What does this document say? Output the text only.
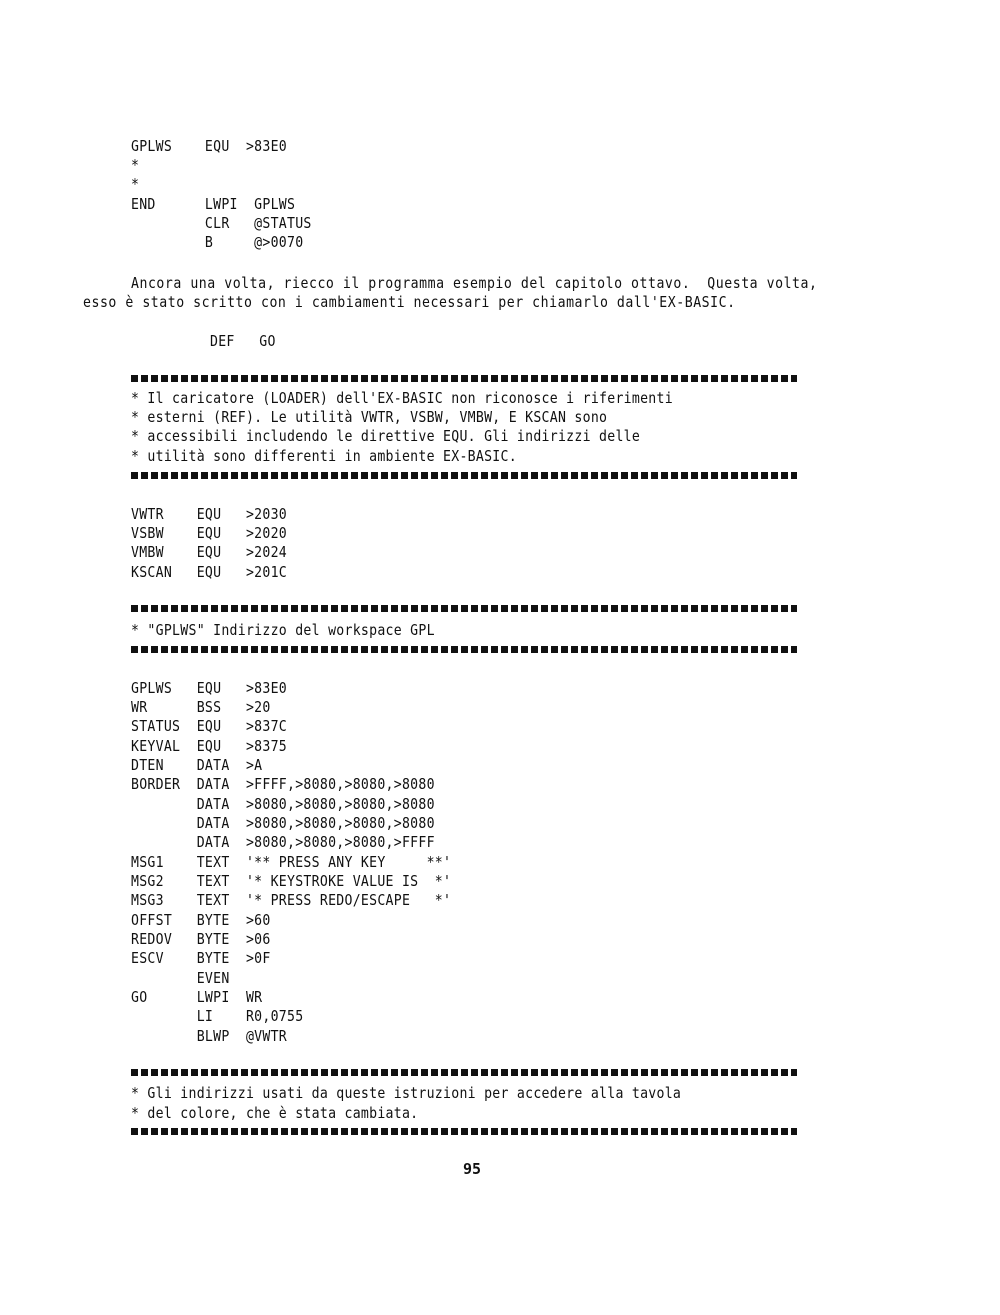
GPLWS    EQU  >83E0
*
*
END      LWPI  GPLWS
CLR   @STATUS
B     @>0070
Ancora una volta, riecco il programma esempio del capitolo ottavo.  Questa volta,
esso è stato scritto con i cambiamenti necessari per chiamarlo dall'EX-BASIC.
DEF   GO
* Il caricatore (LOADER) dell'EX-BASIC non riconosce i riferimenti
* esterni (REF). Le utilità VWTR, VSBW, VMBW, E KSCAN sono
* accessibili includendo le direttive EQU. Gli indirizzi delle
* utilità sono differenti in ambiente EX-BASIC.
VWTR    EQU   >2030
VSBW    EQU   >2020
VMBW    EQU   >2024
KSCAN   EQU   >201C
* "GPLWS" Indirizzo del workspace GPL
GPLWS   EQU   >83E0
WR      BSS   >20
STATUS  EQU   >837C
KEYVAL  EQU   >8375
DTEN    DATA  >A
BORDER  DATA  >FFFF,>8080,>8080,>8080
DATA  >8080,>8080,>8080,>8080
DATA  >8080,>8080,>8080,>8080
DATA  >8080,>8080,>8080,>FFFF
MSG1    TEXT  '** PRESS ANY KEY     **'
MSG2    TEXT  '* KEYSTROKE VALUE IS  *'
MSG3    TEXT  '* PRESS REDO/ESCAPE   *'
OFFST   BYTE  >60
REDOV   BYTE  >06
ESCV    BYTE  >0F
EVEN
GO      LWPI  WR
LI    R0,0755
BLWP  @VWTR
* Gli indirizzi usati da queste istruzioni per accedere alla tavola
* del colore, che è stata cambiata.
95
